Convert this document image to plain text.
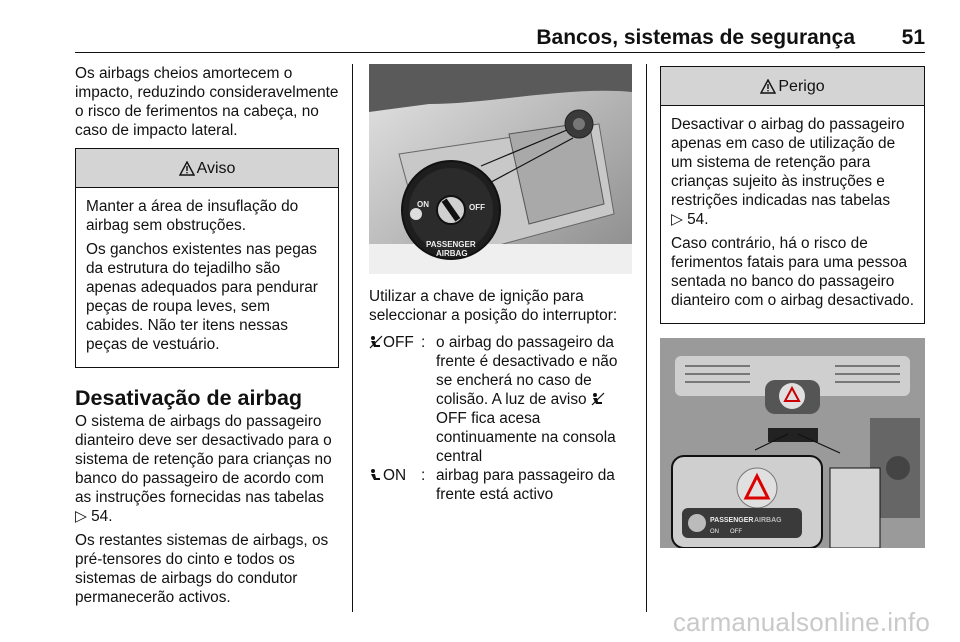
Bancos, sistemas de segurança 51

Os airbags cheios amortecem o impacto, reduzindo consideravelmente o risco de ferimentos na cabeça, no caso de impacto lateral.

Aviso

Manter a área de insuflação do airbag sem obstruções.

Os ganchos existentes nas pegas da estrutura do tejadilho são apenas adequados para pendurar peças de roupa leves, sem cabides. Não ter itens nessas peças de vestuário.

Desativação de airbag

O sistema de airbags do passageiro dianteiro deve ser desactivado para o sistema de retenção para crianças no banco do passageiro de acordo com as instruções fornecidas nas tabelas
▷ 54.

Os restantes sistemas de airbags, os pré-tensores do cinto e todos os sistemas de airbags do condutor permanecerão activos.

ON	OFF
PASSENGER
AIRBAG

Utilizar a chave de ignição para seleccionar a posição do interruptor:

OFF : o airbag do passageiro da frente é desactivado e não se encherá no caso de colisão. A luz de aviso OFF fica acesa continuamente na consola central
ON : airbag para passageiro da frente está activo
Perigo

Desactivar o airbag do passageiro apenas em caso de utilização de um sistema de retenção para crianças sujeito às instruções e restrições indicadas nas tabelas
▷ 54.

Caso contrário, há o risco de ferimentos fatais para uma pessoa sentada no banco do passageiro dianteiro com o airbag desactivado.

PASSENGER AIRBAG
ON OFF
carmanualsonline.info
